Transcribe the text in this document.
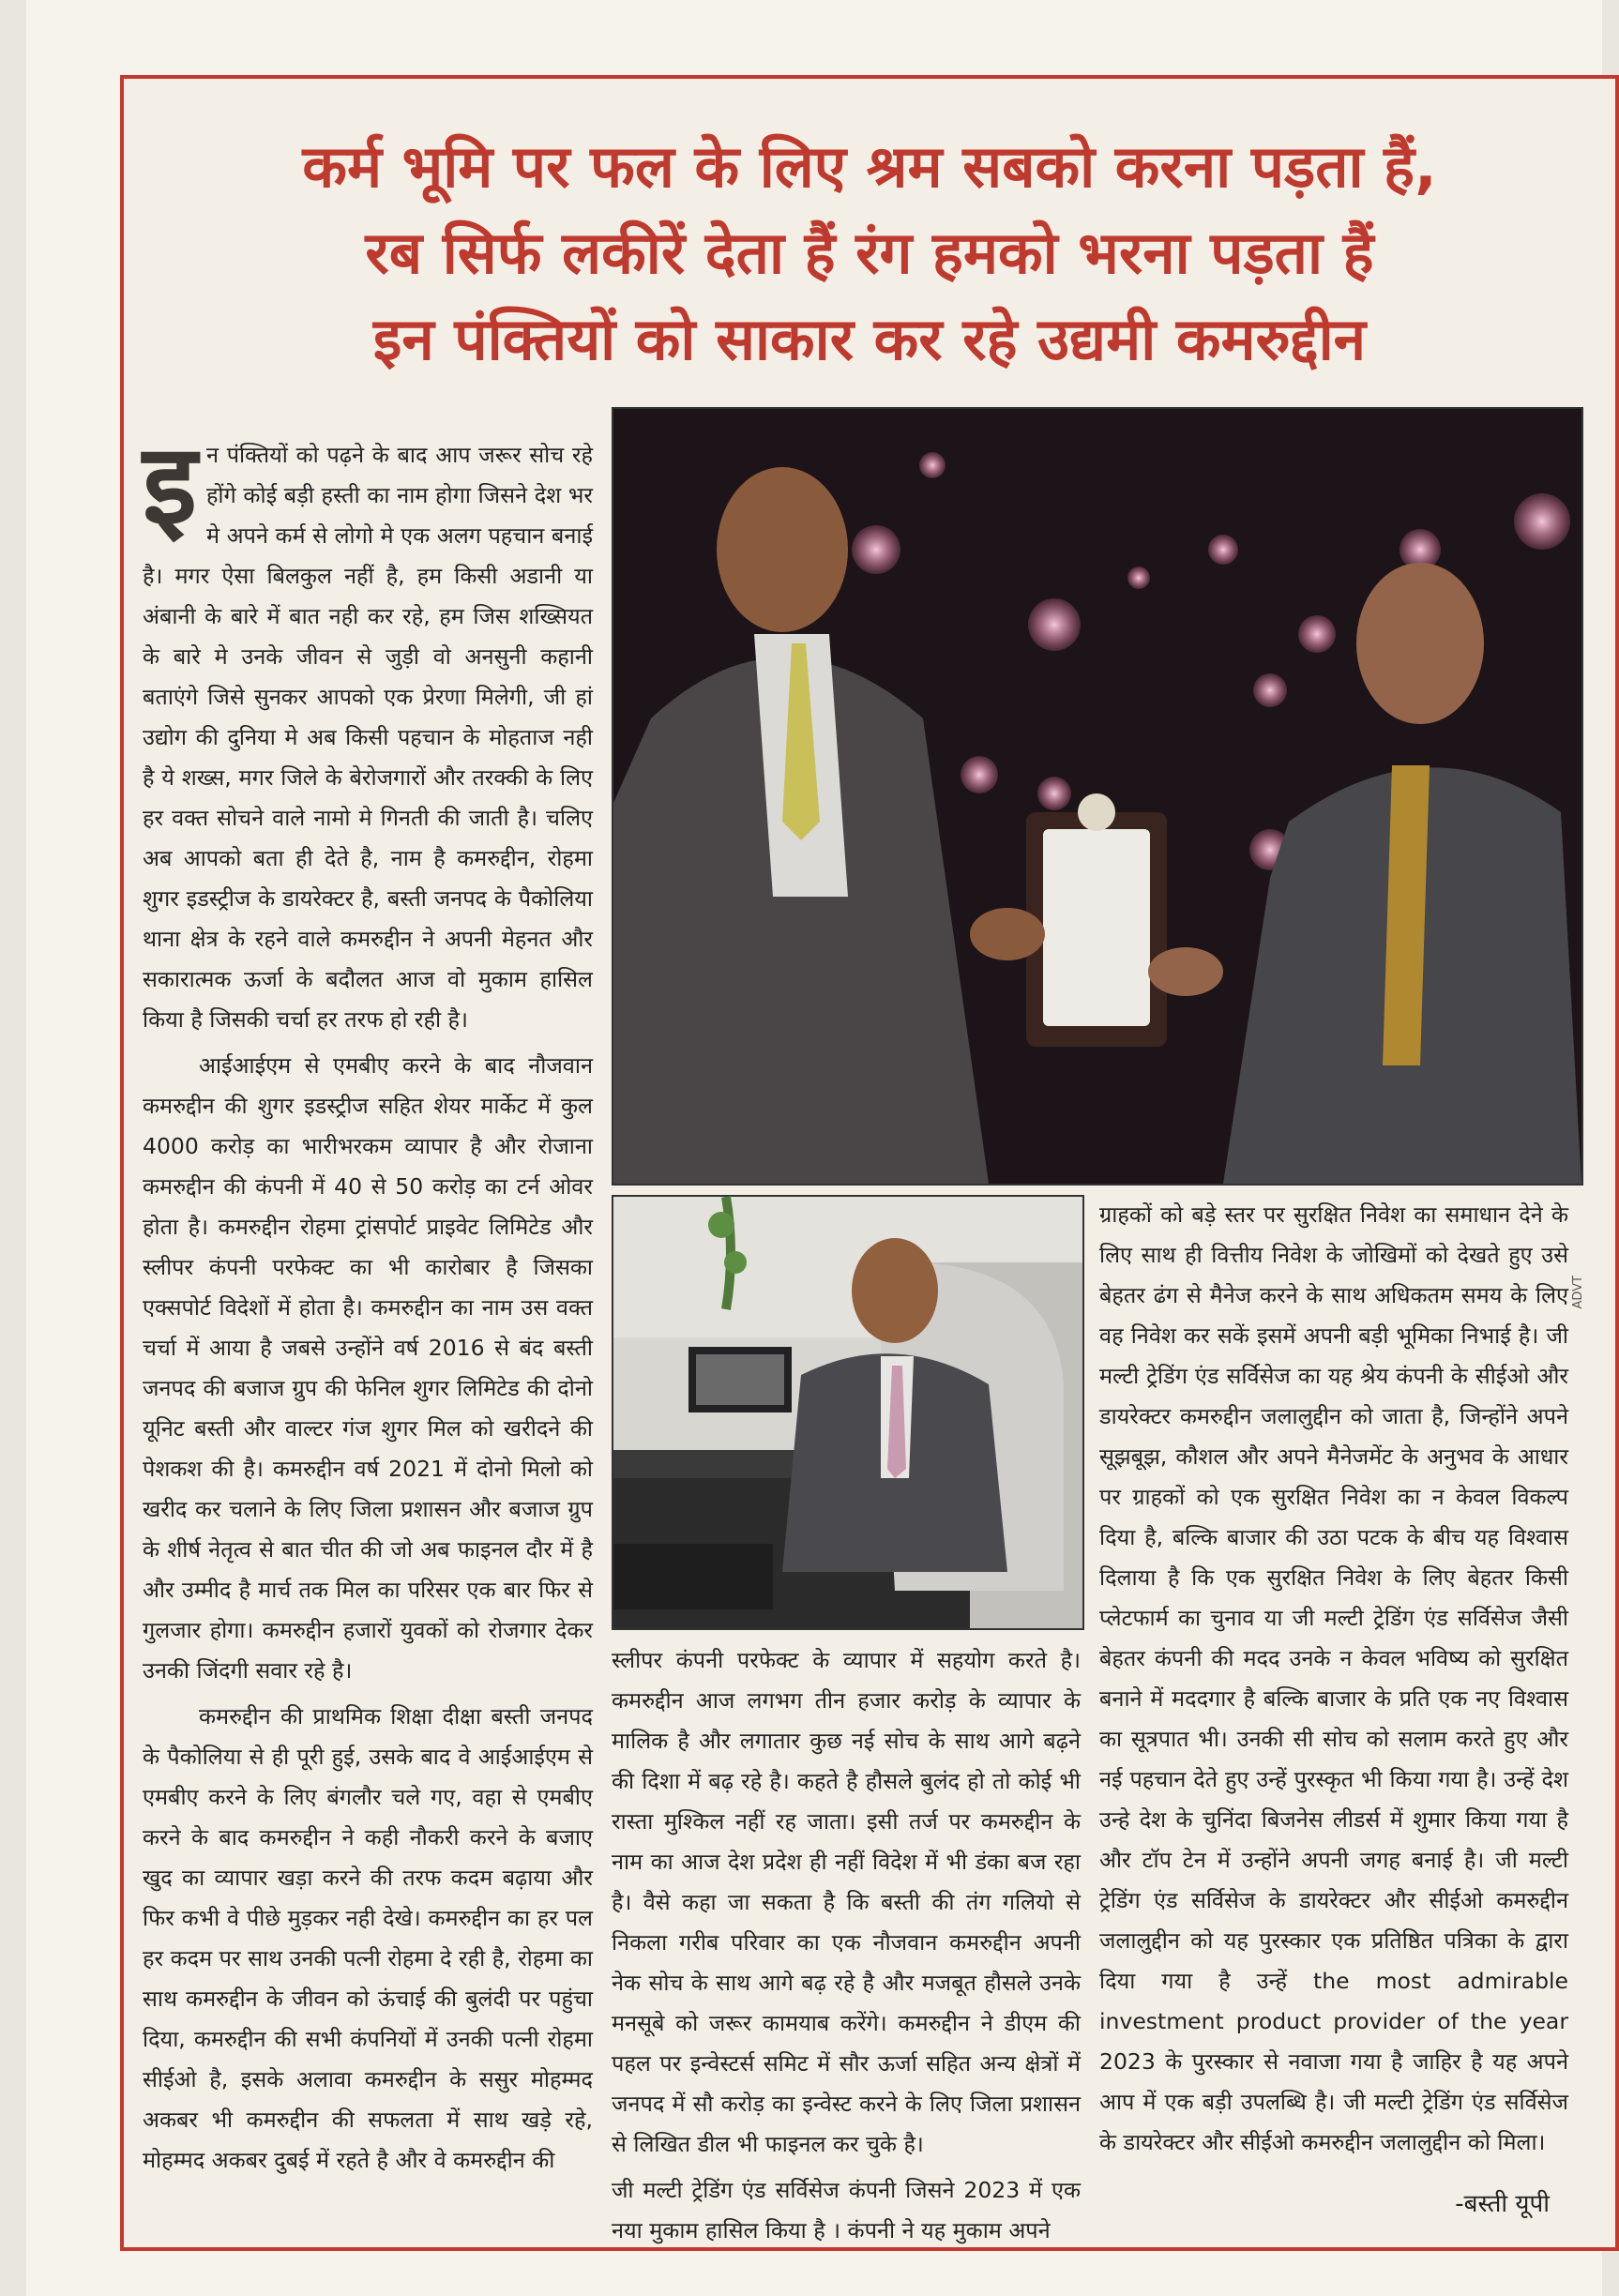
कर्म भूमि पर फल के लिए श्रम सबको करना पड़ता हैं,
रब सिर्फ लकीरें देता हैं रंग हमको भरना पड़ता हैं
इन पंक्तियों को साकार कर रहे उद्यमी कमरुद्दीन

इन पंक्तियों को पढ़ने के बाद आप जरूर सोच रहे होंगे कोई बड़ी हस्ती का नाम होगा जिसने देश भर मे अपने कर्म से लोगो मे एक अलग पहचान बनाई है। मगर ऐसा बिलकुल नहीं है, हम किसी अडानी या अंबानी के बारे में बात नही कर रहे, हम जिस शख्सियत के बारे मे उनके जीवन से जुड़ी वो अनसुनी कहानी बताएंगे जिसे सुनकर आपको एक प्रेरणा मिलेगी, जी हां उद्योग की दुनिया मे अब किसी पहचान के मोहताज नही है ये शख्स, मगर जिले के बेरोजगारों और तरक्की के लिए हर वक्त सोचने वाले नामो मे गिनती की जाती है। चलिए अब आपको बता ही देते है, नाम है कमरुद्दीन, रोहमा शुगर इडस्ट्रीज के डायरेक्टर है, बस्ती जनपद के पैकोलिया थाना क्षेत्र के रहने वाले कमरुद्दीन ने अपनी मेहनत और सकारात्मक ऊर्जा के बदौलत आज वो मुकाम हासिल किया है जिसकी चर्चा हर तरफ हो रही है।

आईआईएम से एमबीए करने के बाद नौजवान कमरुद्दीन की शुगर इडस्ट्रीज सहित शेयर मार्केट में कुल 4000 करोड़ का भारीभरकम व्यापार है और रोजाना कमरुद्दीन की कंपनी में 40 से 50 करोड़ का टर्न ओवर होता है। कमरुद्दीन रोहमा ट्रांसपोर्ट प्राइवेट लिमिटेड और स्लीपर कंपनी परफेक्ट का भी कारोबार है जिसका एक्सपोर्ट विदेशों में होता है। कमरुद्दीन का नाम उस वक्त चर्चा में आया है जबसे उन्होंने वर्ष 2016 से बंद बस्ती जनपद की बजाज ग्रुप की फेनिल शुगर लिमिटेड की दोनो यूनिट बस्ती और वाल्टर गंज शुगर मिल को खरीदने की पेशकश की है। कमरुद्दीन वर्ष 2021 में दोनो मिलो को खरीद कर चलाने के लिए जिला प्रशासन और बजाज ग्रुप के शीर्ष नेतृत्व से बात चीत की जो अब फाइनल दौर में है और उम्मीद है मार्च तक मिल का परिसर एक बार फिर से गुलजार होगा। कमरुद्दीन हजारों युवकों को रोजगार देकर उनकी जिंदगी सवार रहे है।

कमरुद्दीन की प्राथमिक शिक्षा दीक्षा बस्ती जनपद के पैकोलिया से ही पूरी हुई, उसके बाद वे आईआईएम से एमबीए करने के लिए बंगलौर चले गए, वहा से एमबीए करने के बाद कमरुद्दीन ने कही नौकरी करने के बजाए खुद का व्यापार खड़ा करने की तरफ कदम बढ़ाया और फिर कभी वे पीछे मुड़कर नही देखे। कमरुद्दीन का हर पल हर कदम पर साथ उनकी पत्नी रोहमा दे रही है, रोहमा का साथ कमरुद्दीन के जीवन को ऊंचाई की बुलंदी पर पहुंचा दिया, कमरुद्दीन की सभी कंपनियों में उनकी पत्नी रोहमा सीईओ है, इसके अलावा कमरुद्दीन के ससुर मोहम्मद अकबर भी कमरुद्दीन की सफलता में साथ खड़े रहे, मोहम्मद अकबर दुबई में रहते है और वे कमरुद्दीन की

स्लीपर कंपनी परफेक्ट के व्यापार में सहयोग करते है। कमरुद्दीन आज लगभग तीन हजार करोड़ के व्यापार के मालिक है और लगातार कुछ नई सोच के साथ आगे बढ़ने की दिशा में बढ़ रहे है। कहते है हौसले बुलंद हो तो कोई भी रास्ता मुश्किल नहीं रह जाता। इसी तर्ज पर कमरुद्दीन के नाम का आज देश प्रदेश ही नहीं विदेश में भी डंका बज रहा है। वैसे कहा जा सकता है कि बस्ती की तंग गलियो से निकला गरीब परिवार का एक नौजवान कमरुद्दीन अपनी नेक सोच के साथ आगे बढ़ रहे है और मजबूत हौसले उनके मनसूबे को जरूर कामयाब करेंगे। कमरुद्दीन ने डीएम की पहल पर इन्वेस्टर्स समिट में सौर ऊर्जा सहित अन्य क्षेत्रों में जनपद में सौ करोड़ का इन्वेस्ट करने के लिए जिला प्रशासन से लिखित डील भी फाइनल कर चुके है।

जी मल्टी ट्रेडिंग एंड सर्विसेज कंपनी जिसने 2023 में एक नया मुकाम हासिल किया है । कंपनी ने यह मुकाम अपने

ग्राहकों को बड़े स्तर पर सुरक्षित निवेश का समाधान देने के लिए साथ ही वित्तीय निवेश के जोखिमों को देखते हुए उसे बेहतर ढंग से मैनेज करने के साथ अधिकतम समय के लिए वह निवेश कर सकें इसमें अपनी बड़ी भूमिका निभाई है। जी मल्टी ट्रेडिंग एंड सर्विसेज का यह श्रेय कंपनी के सीईओ और डायरेक्टर कमरुद्दीन जलालुद्दीन को जाता है, जिन्होंने अपने सूझबूझ, कौशल और अपने मैनेजमेंट के अनुभव के आधार पर ग्राहकों को एक सुरक्षित निवेश का न केवल विकल्प दिया है, बल्कि बाजार की उठा पटक के बीच यह विश्वास दिलाया है कि एक सुरक्षित निवेश के लिए बेहतर किसी प्लेटफार्म का चुनाव या जी मल्टी ट्रेडिंग एंड सर्विसेज जैसी बेहतर कंपनी की मदद उनके न केवल भविष्य को सुरक्षित बनाने में मददगार है बल्कि बाजार के प्रति एक नए विश्वास का सूत्रपात भी। उनकी सी सोच को सलाम करते हुए और नई पहचान देते हुए उन्हें पुरस्कृत भी किया गया है। उन्हें देश उन्हे देश के चुनिंदा बिजनेस लीडर्स में शुमार किया गया है और टॉप टेन में उन्होंने अपनी जगह बनाई है। जी मल्टी ट्रेडिंग एंड सर्विसेज के डायरेक्टर और सीईओ कमरुद्दीन जलालुद्दीन को यह पुरस्कार एक प्रतिष्ठित पत्रिका के द्वारा दिया गया है उन्हें the most admirable investment product provider of the year 2023 के पुरस्कार से नवाजा गया है जाहिर है यह अपने आप में एक बड़ी उपलब्धि है। जी मल्टी ट्रेडिंग एंड सर्विसेज के डायरेक्टर और सीईओ कमरुद्दीन जलालुद्दीन को मिला।

-बस्ती यूपी
ADVT
